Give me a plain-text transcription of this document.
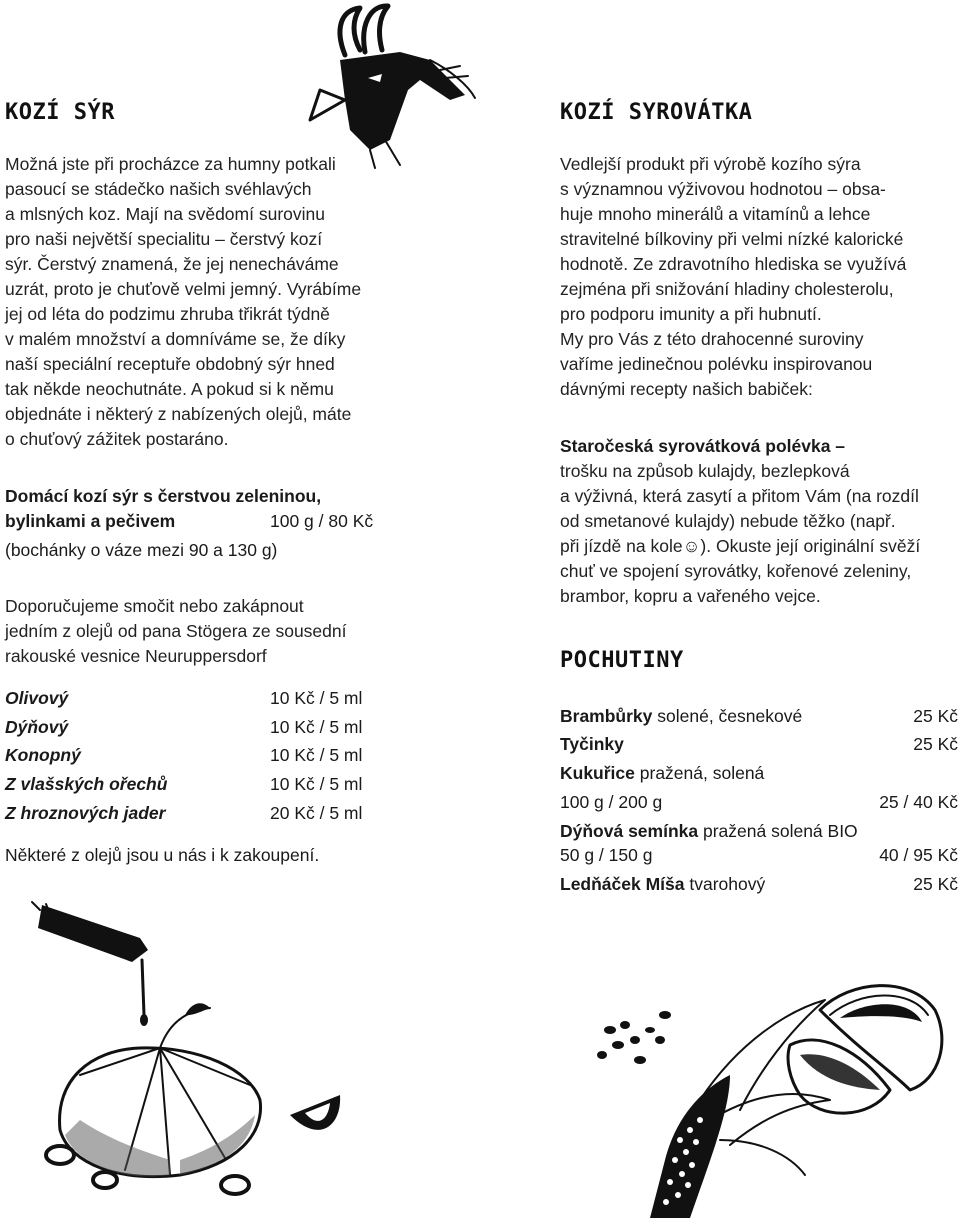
KOZÍ SÝR

Možná jste při procházce za humny potkali

pasoucí se stádečko našich svéhlavých

a mlsných koz. Mají na svědomí surovinu

pro naši největší specialitu – čerstvý kozí

sýr. Čerstvý znamená, že jej nenecháváme

uzrát, proto je chuťově velmi jemný. Vyrábíme

jej od léta do podzimu zhruba třikrát týdně

v malém množství a domníváme se, že díky

naší speciální receptuře obdobný sýr hned

tak někde neochutnáte. A pokud si k němu

objednáte i některý z nabízených olejů, máte

o chuťový zážitek postaráno.

Domácí kozí sýr s čerstvou zeleninou,
bylinkami a pečivem	100 g / 80 Kč
(bochánky o váze mezi 90 a 130 g)

Doporučujeme smočit nebo zakápnout

jedním z olejů od pana Stögera ze sousední

rakouské vesnice Neuruppersdorf

Olivový	10 Kč / 5 ml
Dýňový	10 Kč / 5 ml
Konopný	10 Kč / 5 ml
Z vlašských ořechů	10 Kč / 5 ml
Z hroznových jader	20 Kč / 5 ml
Některé z olejů jsou u nás i k zakoupení.
KOZÍ SYROVÁTKA

Vedlejší produkt při výrobě kozího sýra

s významnou výživovou hodnotou – obsa-

huje mnoho minerálů a vitamínů a lehce

stravitelné bílkoviny při velmi nízké kalorické

hodnotě. Ze zdravotního hlediska se využívá

zejména při snižování hladiny cholesterolu,

pro podporu imunity a při hubnutí.

My pro Vás z této drahocenné suroviny

vaříme jedinečnou polévku inspirovanou

dávnými recepty našich babiček:

Staročeská syrovátková polévka –

trošku na způsob kulajdy, bezlepková

a výživná, která zasytí a přitom Vám (na rozdíl

od smetanové kulajdy) nebude těžko (např.

při jízdě na kole☺). Okuste její originální svěží

chuť ve spojení syrovátky, kořenové zeleniny,

brambor, kopru a vařeného vejce.

POCHUTINY
Brambůrky solené, česnekové	25 Kč
Tyčinky	25 Kč
Kukuřice pražená, solená
100 g / 200 g	25 / 40 Kč
Dýňová semínka pražená solená BIO
50 g / 150 g	40 / 95 Kč
Ledňáček Míša tvarohový	25 Kč
